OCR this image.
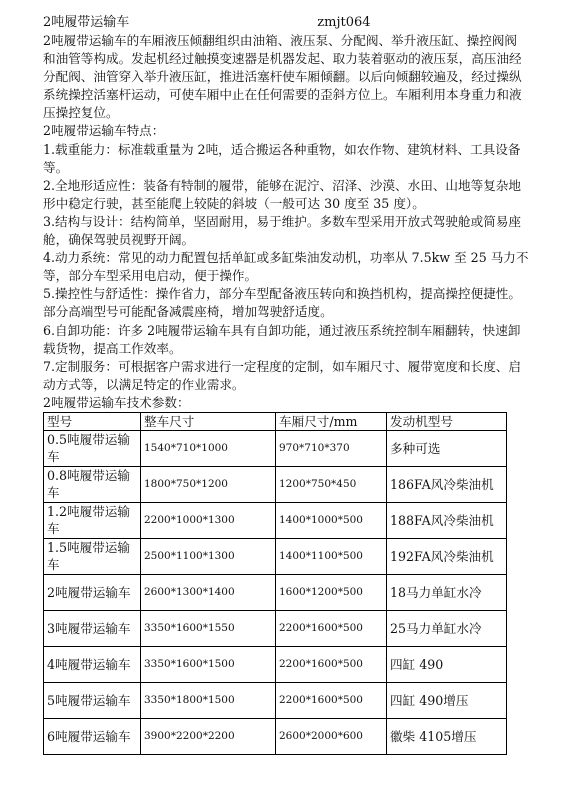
2吨履带运输车	zmjt064

2吨履带运输车的车厢液压倾翻组织由油箱、液压泵、分配阀、举升液压缸、操控阀阀和油管等构成。发起机经过触摸变速器是机器发起、取力装着驱动的液压泵，高压油经分配阀、油管穿入举升液压缸，推进活塞杆使车厢倾翻。以后向倾翻较遍及，经过操纵系统操控活塞杆运动，可使车厢中止在任何需要的歪斜方位上。车厢利用本身重力和液压操控复位。

2吨履带运输车特点：

1.载重能力：标准载重量为 2吨，适合搬运各种重物，如农作物、建筑材料、工具设备等。

2.全地形适应性：装备有特制的履带，能够在泥泞、沼泽、沙漠、水田、山地等复杂地形中稳定行驶，甚至能爬上较陡的斜坡（一般可达 30 度至 35 度）。

3.结构与设计：结构简单，坚固耐用，易于维护。多数车型采用开放式驾驶舱或简易座舱，确保驾驶员视野开阔。

4.动力系统：常见的动力配置包括单缸或多缸柴油发动机，功率从 7.5kw 至 25 马力不等，部分车型采用电启动，便于操作。

5.操控性与舒适性：操作省力，部分车型配备液压转向和换挡机构，提高操控便捷性。部分高端型号可能配备减震座椅，增加驾驶舒适度。

6.自卸功能：许多 2吨履带运输车具有自卸功能，通过液压系统控制车厢翻转，快速卸载货物，提高工作效率。

7.定制服务：可根据客户需求进行一定程度的定制，如车厢尺寸、履带宽度和长度、启动方式等，以满足特定的作业需求。

2吨履带运输车技术参数：
型号	整车尺寸	车厢尺寸/mm	发动机型号
0.5吨履带运输车	1540*710*1000	970*710*370	多种可选
0.8吨履带运输车	1800*750*1200	1200*750*450	186FA风冷柴油机
1.2吨履带运输车	2200*1000*1300	1400*1000*500	188FA风冷柴油机
1.5吨履带运输车	2500*1100*1300	1400*1100*500	192FA风冷柴油机
2吨履带运输车	2600*1300*1400	1600*1200*500	18马力单缸水冷
3吨履带运输车	3350*1600*1550	2200*1600*500	25马力单缸水冷
4吨履带运输车	3350*1600*1500	2200*1600*500	四缸 490
5吨履带运输车	3350*1800*1500	2200*1600*500	四缸 490增压
6吨履带运输车	3900*2200*2200	2600*2000*600	徽柴 4105增压
